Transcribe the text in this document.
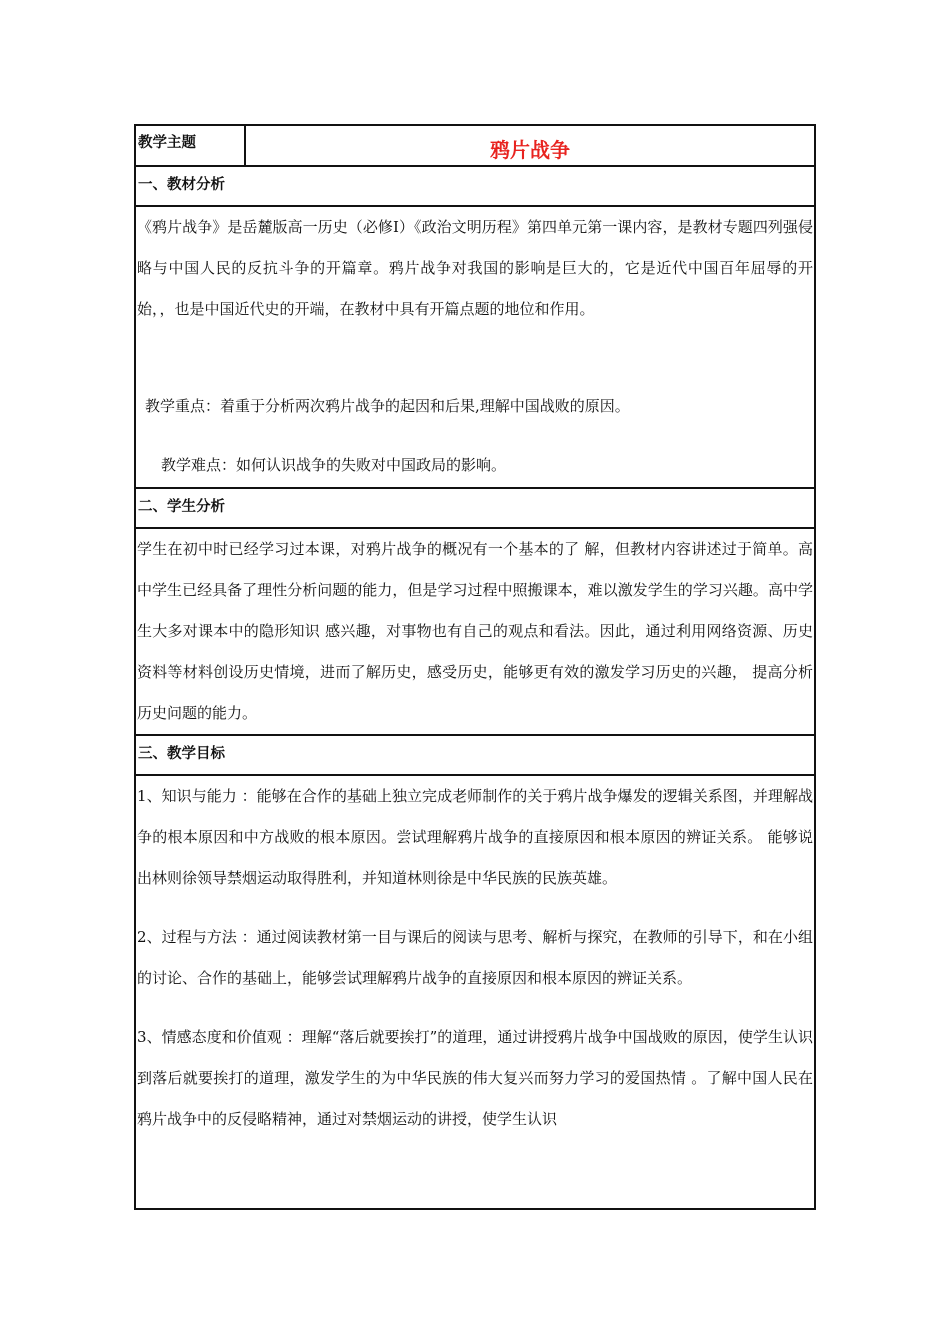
教学主题	鸦片战争
一、教材分析

《鸦片战争》是岳麓版高一历史（必修Ⅰ）《政治文明历程》第四单元第一课内容，是教材专题四列强侵略与中国人民的反抗斗争的开篇章。鸦片战争对我国的影响是巨大的，它是近代中国百年屈辱的开始，，也是中国近代史的开端，在教材中具有开篇点题的地位和作用。

教学重点：着重于分析两次鸦片战争的起因和后果,理解中国战败的原因。

教学难点：如何认识战争的失败对中国政局的影响。

二、学生分析

学生在初中时已经学习过本课，对鸦片战争的概况有一个基本的了 解，但教材内容讲述过于简单。高中学生已经具备了理性分析问题的能力，但是学习过程中照搬课本，难以激发学生的学习兴趣。高中学生大多对课本中的隐形知识 感兴趣，对事物也有自己的观点和看法。因此，通过利用网络资源、历史资料等材料创设历史情境，进而了解历史，感受历史，能够更有效的激发学习历史的兴趣， 提高分析历史问题的能力。

三、教学目标

1、知识与能力 ：能够在合作的基础上独立完成老师制作的关于鸦片战争爆发的逻辑关系图，并理解战争的根本原因和中方战败的根本原因。尝试理解鸦片战争的直接原因和根本原因的辨证关系。 能够说出林则徐领导禁烟运动取得胜利，并知道林则徐是中华民族的民族英雄。

2、过程与方法 ：通过阅读教材第一目与课后的阅读与思考、解析与探究，在教师的引导下，和在小组的讨论、合作的基础上，能够尝试理解鸦片战争的直接原因和根本原因的辨证关系。

3、情感态度和价值观 ：理解“落后就要挨打”的道理，通过讲授鸦片战争中国战败的原因，使学生认识到落后就要挨打的道理，激发学生的为中华民族的伟大复兴而努力学习的爱国热情 。了解中国人民在鸦片战争中的反侵略精神，通过对禁烟运动的讲授，使学生认识
